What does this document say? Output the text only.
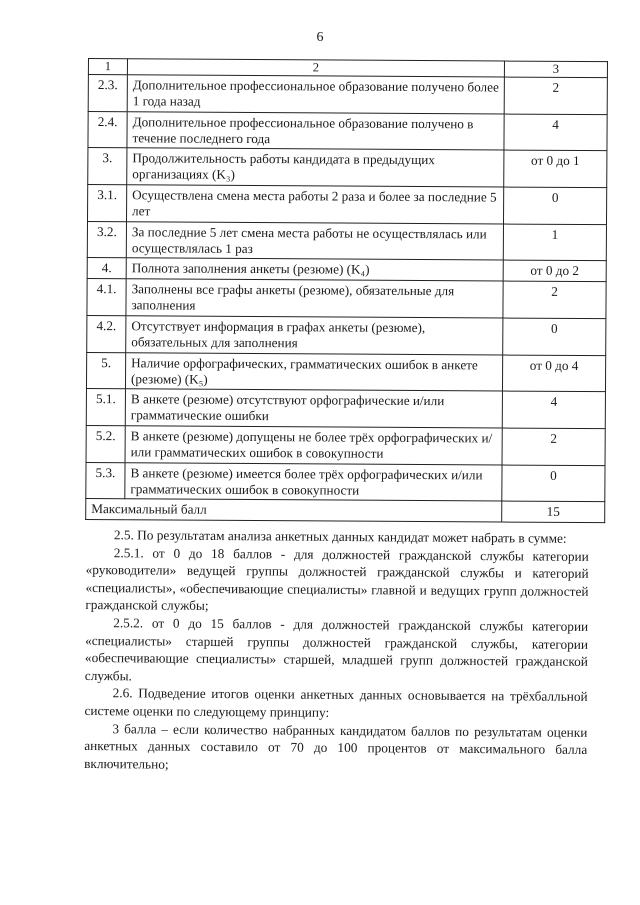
6
1	2	3
2.3.	Дополнительное профессиональное образование получено более 1 года назад	2
2.4.	Дополнительное профессиональное образование получено в течение последнего года	4
3.	Продолжительность работы кандидата в предыдущих организациях (K₃)	от 0 до 1
3.1.	Осуществлена смена места работы 2 раза и более за последние 5 лет	0
3.2.	За последние 5 лет смена места работы не осуществлялась или осуществлялась 1 раз	1
4.	Полнота заполнения анкеты (резюме) (K₄)	от 0 до 2
4.1.	Заполнены все графы анкеты (резюме), обязательные для заполнения	2
4.2.	Отсутствует информация в графах анкеты (резюме), обязательных для заполнения	0
5.	Наличие орфографических, грамматических ошибок в анкете (резюме) (K₅)	от 0 до 4
5.1.	В анкете (резюме) отсутствуют орфографические и/или грамматические ошибки	4
5.2.	В анкете (резюме) допущены не более трёх орфографических и/или грамматических ошибок в совокупности	2
5.3.	В анкете (резюме) имеется более трёх орфографических и/или грамматических ошибок в совокупности	0
Максимальный балл		15

2.5. По результатам анализа анкетных данных кандидат может набрать в сумме:

2.5.1. от 0 до 18 баллов - для должностей гражданской службы категории «руководители» ведущей группы должностей гражданской службы и категорий «специалисты», «обеспечивающие специалисты» главной и ведущих групп должностей гражданской службы;

2.5.2. от 0 до 15 баллов - для должностей гражданской службы категории «специалисты» старшей группы должностей гражданской службы, категории «обеспечивающие специалисты» старшей, младшей групп должностей гражданской службы.

2.6. Подведение итогов оценки анкетных данных основывается на трёхбалльной системе оценки по следующему принципу:

3 балла – если количество набранных кандидатом баллов по результатам оценки анкетных данных составило от 70 до 100 процентов от максимального балла включительно;
